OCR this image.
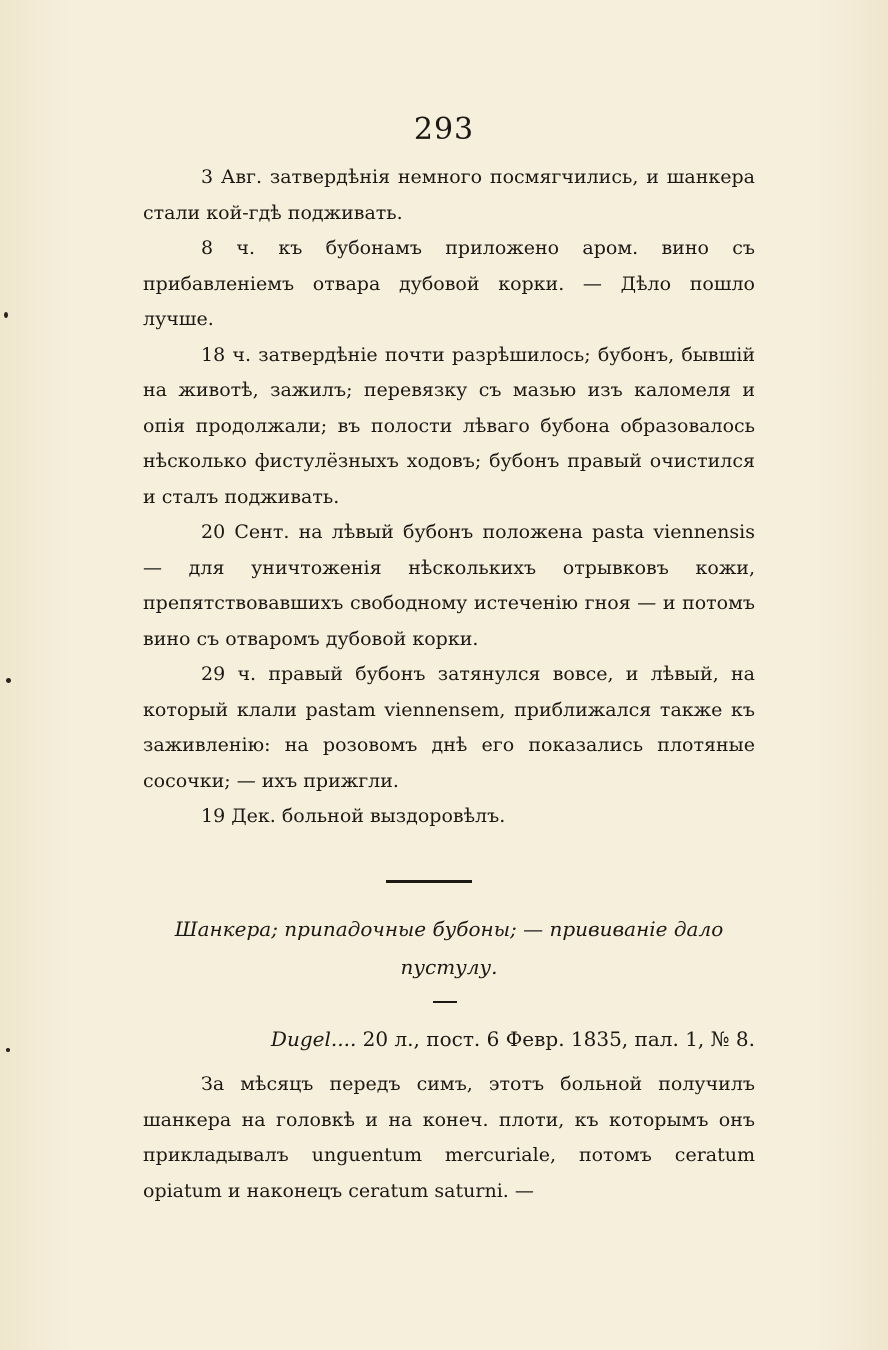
293

3 Авг. затвердѣнія немного посмягчились, и шанкера стали кой-гдѣ подживать.

8 ч. къ бубонамъ приложено аром. вино съ прибавленіемъ отвара дубовой корки. — Дѣло пошло лучше.

18 ч. затвердѣніе почти разрѣшилось; бубонъ, бывшій на животѣ, зажилъ; перевязку съ мазью изъ каломеля и опія продолжали; въ полости лѣваго бубона образовалось нѣсколько фистулёзныхъ ходовъ; бубонъ правый очистился и сталъ подживать.

20 Сент. на лѣвый бубонъ положена pasta viennensis — для уничтоженія нѣсколькихъ отрывковъ кожи, препятствовавшихъ свободному истеченію гноя — и потомъ вино съ отваромъ дубовой корки.

29 ч. правый бубонъ затянулся вовсе, и лѣвый, на который клали pastam viennensem, приближался также къ заживленію: на розовомъ днѣ его показались плотяные сосочки; — ихъ прижгли.

19 Дек. больной выздоровѣлъ.

Шанкера; припадочные бубоны; — прививаніе дало пустулу.
Dugel.... 20 л., пост. 6 Февр. 1835, пал. 1, № 8.

За мѣсяцъ передъ симъ, этотъ больной получилъ шанкера на головкѣ и на конеч. плоти, къ которымъ онъ прикладывалъ unguentum mercuriale, потомъ ceratum opiatum и наконецъ ceratum saturni. —
